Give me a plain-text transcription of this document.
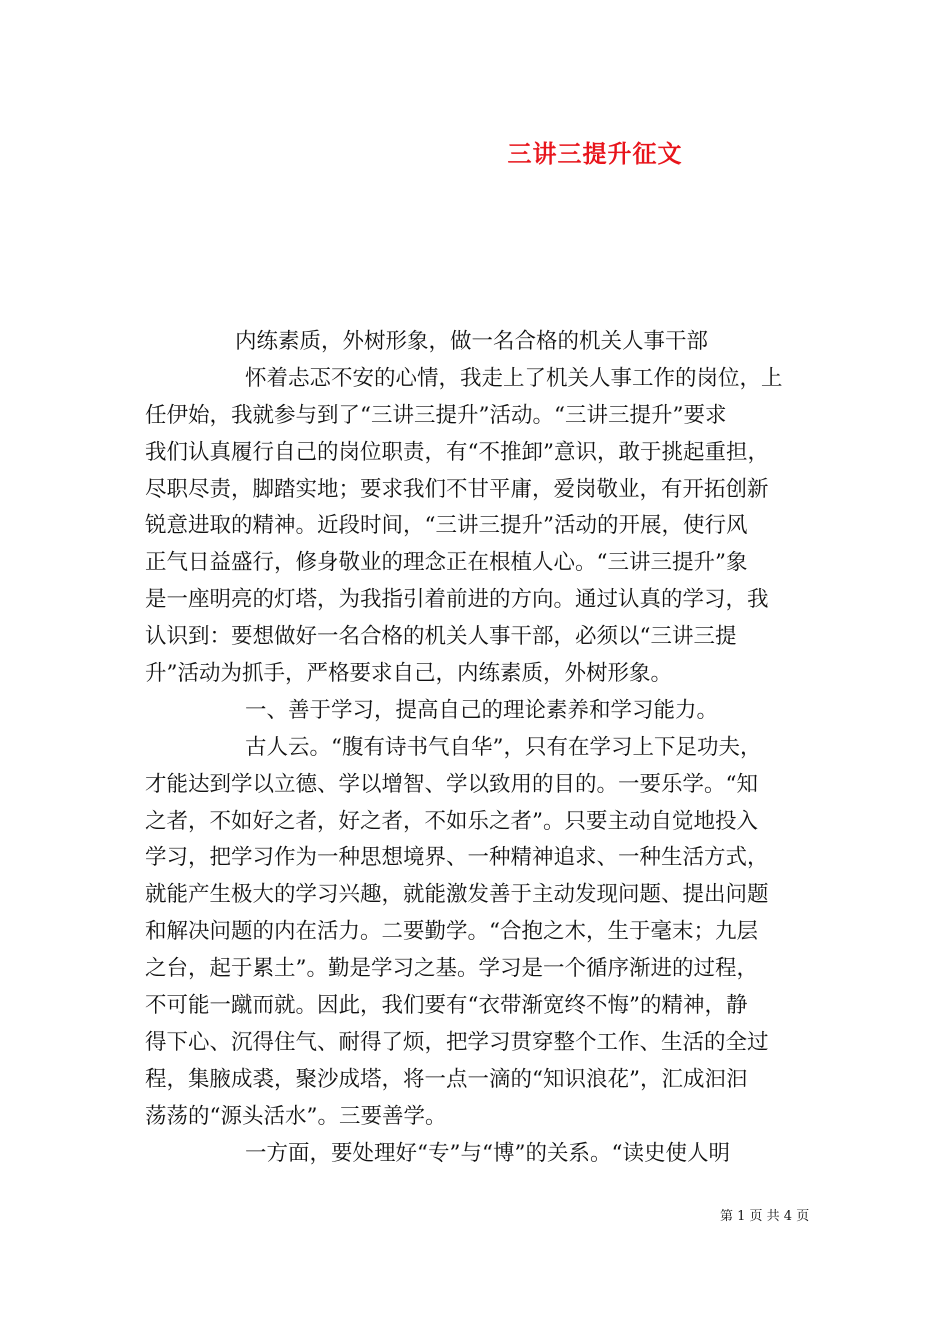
三讲三提升征文
内练素质，外树形象，做一名合格的机关人事干部
怀着忐忑不安的心情，我走上了机关人事工作的岗位，上
任伊始，我就参与到了“三讲三提升”活动。“三讲三提升”要求
我们认真履行自己的岗位职责，有“不推卸”意识，敢于挑起重担，
尽职尽责，脚踏实地；要求我们不甘平庸，爱岗敬业，有开拓创新
锐意进取的精神。近段时间，“三讲三提升”活动的开展，使行风
正气日益盛行，修身敬业的理念正在根植人心。“三讲三提升”象
是一座明亮的灯塔，为我指引着前进的方向。通过认真的学习，我
认识到：要想做好一名合格的机关人事干部，必须以“三讲三提
升”活动为抓手，严格要求自己，内练素质，外树形象。
一、善于学习，提高自己的理论素养和学习能力。
古人云。“腹有诗书气自华”，只有在学习上下足功夫，
才能达到学以立德、学以增智、学以致用的目的。一要乐学。“知
之者，不如好之者，好之者，不如乐之者”。只要主动自觉地投入
学习，把学习作为一种思想境界、一种精神追求、一种生活方式，
就能产生极大的学习兴趣，就能激发善于主动发现问题、提出问题
和解决问题的内在活力。二要勤学。“合抱之木，生于毫末；九层
之台，起于累土”。勤是学习之基。学习是一个循序渐进的过程，
不可能一蹴而就。因此，我们要有“衣带渐宽终不悔”的精神，静
得下心、沉得住气、耐得了烦，把学习贯穿整个工作、生活的全过
程，集腋成裘，聚沙成塔，将一点一滴的“知识浪花”，汇成汩汩
荡荡的“源头活水”。三要善学。
一方面，要处理好“专”与“博”的关系。“读史使人明
第 1 页 共 4 页
